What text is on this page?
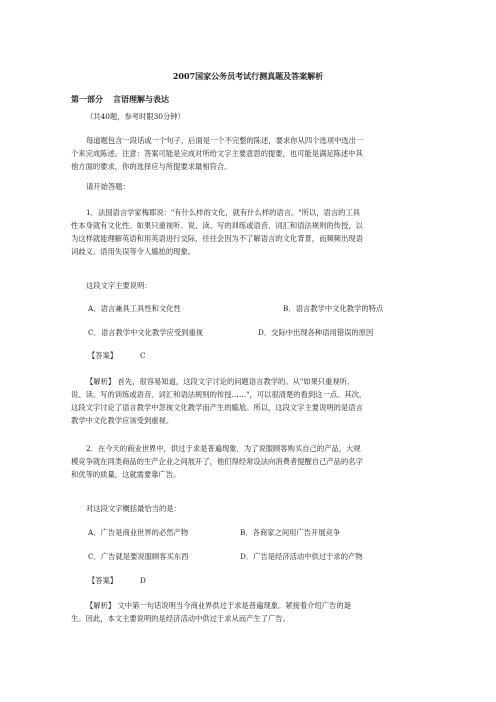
2007国家公务员考试行测真题及答案解析
第一部分 言语理解与表达
（共40题，参考时限30分钟）
每道题包含一段话或一个句子，后面是一个不完整的陈述，要求你从四个选项中选出一
个来完成陈述。注意：答案可能是完成对所给文字主要意思的提要，也可能是满足陈述中其
他方面的要求，你的选择应与所提要求最相符合。
请开始答题：
1．法国语言学家梅耶说："有什么样的文化，就有什么样的语言。"所以，语言的工具
性本身就有文化性。如果只重视听、说、读、写的训练或语音、词汇和语法规则的传授，以
为这样就能理解英语和用英语进行交际，往往会因为不了解语言的文化背景，而频频出现语
词歧义、语用失误等令人尴尬的现象。
这段文字主要说明：
A．语言兼具工具性和文化性	B．语言教学中文化教学的特点
C．语言教学中文化教学应受到重视	D．交际中出现各种语用错误的原因
【答案】	C
【解析】 首先，很容易知道，这段文字讨论的问题语言教学的。从"如果只重视听、
说、读、写的训练或语音、词汇和语法规则的传授……"，可以很清楚的看到这一点。其次，
这段文字讨论了语言教学中忽视文化教学而产生的尴尬。所以，这段文字主要说明的是语言
教学中文化教学应该受到重视。
2．在今天的商业世界中，供过于求是普遍现象．为了说服顾客购买自己的产品，大规
模竞争就在同类商品的生产企业之间展开了，他们得经常设法向消费者提醒自己产品的名字
和优等的质量，这就需要靠广告。
对这段文字概括最恰当的是：
A．广告是商业世界的必然产物	B．各商家之间用广告开展竞争
C．广告就是要说服顾客买东西	D．广告是经济活动中供过于求的产物
【答案】	D
【解析】 文中第一句话说明当今商业界供过于求是普遍现象。紧接着介绍广告的诞
生。因此，本文主要说明的是经济活动中供过于求从而产生了广告。
